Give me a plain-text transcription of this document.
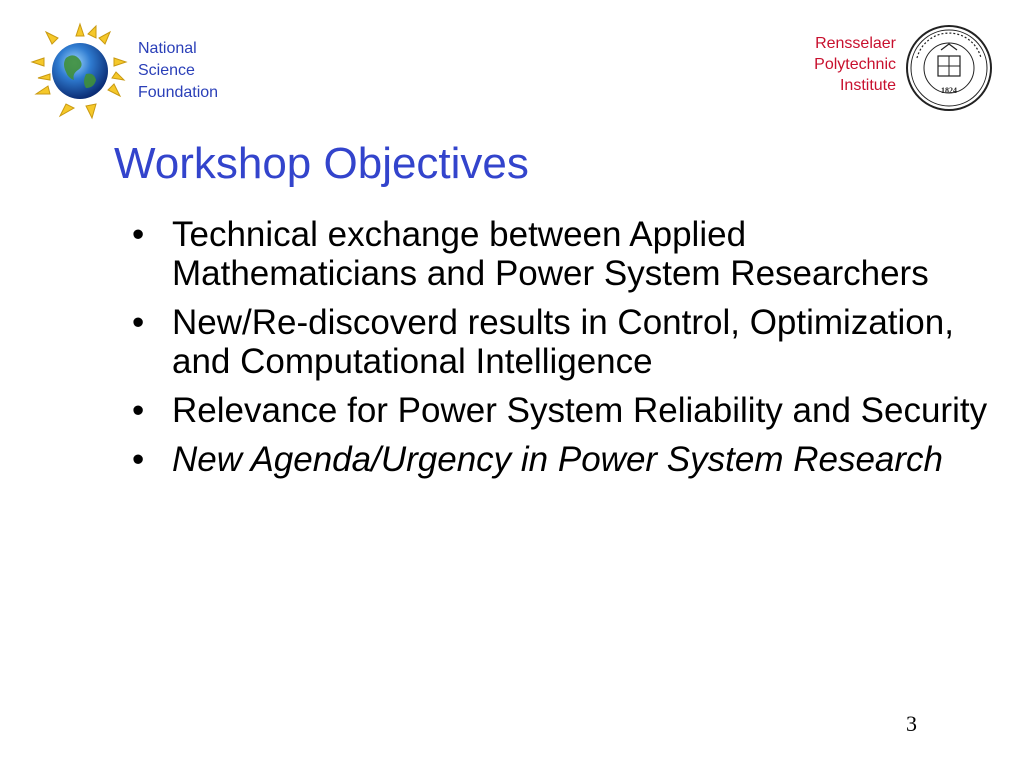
National
Science
Foundation
Rensselaer
Polytechnic
Institute	1824
Workshop Objectives
• Technical exchange between Applied Mathematicians and Power System Researchers
• New/Re-discoverd results in Control, Optimization, and Computational Intelligence
• Relevance for Power System Reliability and Security
• New Agenda/Urgency in Power System Research
3
